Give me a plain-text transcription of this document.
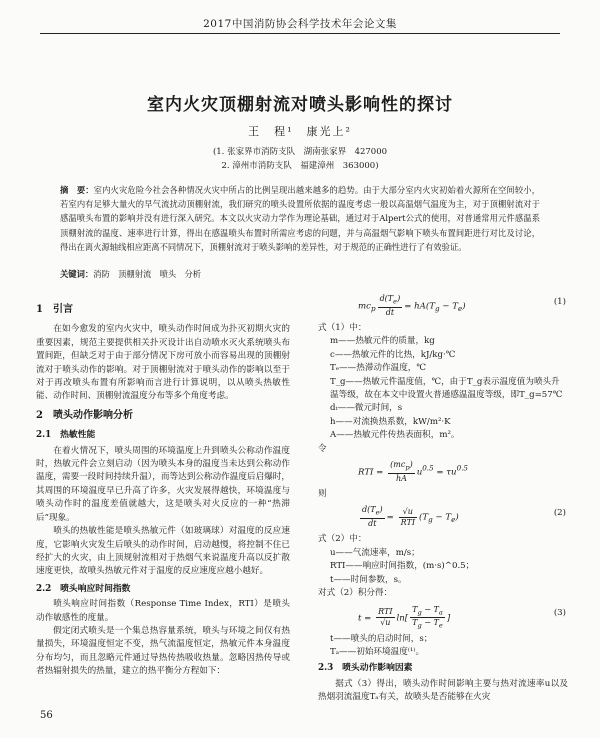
2017中国消防协会科学技术年会论文集
室内火灾顶棚射流对喷头影响性的探讨
王　程¹　康光上²
(1. 张家界市消防支队　湖南张家界　427000
2. 漳州市消防支队　福建漳州　363000)
摘　要：室内火灾危险今社会各种情况火灾中所占的比例呈现出越来越多的趋势。由于大部分室内火灾初始着火源所在空间较小，若室内有足够大量火的早气流扰动顶棚射流，我们研究的喷头设置所依据的温度考虑一般以高温烟气温度为主，对于顶棚射流对于感温喷头布置的影响并没有进行深入研究。本文以火灾动力学作为理论基础，通过对于Alpert公式的使用，对普通常用元件感温系顶棚射流的温度、速率进行计算，得出在感温喷头布置时所需应考虑的问题，并与高温烟气影响下喷头布置间距进行对比及讨论，得出在离火源轴线相应距离不同情况下，顶棚射流对于喷头影响的差异性，对于规范的正确性进行了有效验证。
关键词：消防　顶棚射流　喷头　分析
1　引言

在如今愈发的室内火灾中，喷头动作时间成为扑灭初期火灾的重要因素，规范主要提供相关扑灭设计出自动喷水灭火系统喷头布置间距，但缺乏对于由于部分情况下房可放小而容易出现的顶棚射流对于喷头动作的影响。对于顶棚射流对于喷头动作的影响以至于对于再改喷头布置有所影响而言进行计算说明，以从喷头热敏性能、动作时间、顶棚射流温度分布等多个角度考虑。

2　喷头动作影响分析
2.1　热敏性能

在着火情况下，喷头周围的环境温度上升到喷头公称动作温度时，热敏元件会立刻启动（因为喷头本身的温度当未达到公称动作温度，需要一段时间持续升温），而等达到公称动作温度后启爆时，其周围的环境温度早已升高了许多，火灾发展得越快，环境温度与喷头动作时的温度差值就越大，这是喷头对火反应的一种“热滞后”现象。

喷头的热敏性能是喷头热敏元件（如玻璃球）对温度的反应速度，它影响火灾发生后喷头的动作时间，启动越慢，将控制不住已经扩大的火灾，由上顶规射流相对于热烟气来说温度升高以反扩散速度更快，故喷头热敏元件对于温度的反应速度应越小越好。

2.2　喷头响应时间指数

喷头响应时间指数（Response Time Index，RTI）是喷头动作敏感性的度量。

假定闭式喷头是一个集总热容量系统，喷头与环境之间仅有热量损失，环境温度恒定不变，热气流温度恒定，热敏元件本身温度分布均匀，而且忽略元件通过导热传热吸收热量。忽略因热传导或者热辐射损失的热量，建立的热平衡分方程如下：

$mc_p \frac{d(T_e)}{dt} = hA(T_g - T_e)$	(1)
式（1）中：
m——热敏元件的质量，kg
c——热敏元件的比热，kJ/kg·℃
Tₑ——热滞动作温度，℃
T_g——热敏元件温度值，℃，由于T_g表示温度值为喷头升温等级，故在本文中设置火普通感温温度等级，即T_g=57℃
dₜ——微元时间，s
h——对流换热系数，kW/m²·K
A——热敏元件传热表面积，m²。
令
RTI = $\frac{(mc_p)}{hA} u^{0.5} = \tau u^{0.5}$
则
$\frac{d(T_e)}{dt} = \frac{√u}{\text{RTI}} (T_g - T_e)$	(2)
式（2）中：
u——气流速率，m/s；
RTI——响应时间指数，(m·s)^0.5；
t——时间参数，s。
对式（2）积分得：
$t = \frac{\text{RTI}}{√u} \ln[ \frac{T_g - T_a}{T_g - T_e}$ ]
(3)
t——喷头的启动时间，s；
Tₐ——初始环境温度⁽¹⁾。
2.3　喷头动作影响因素

据式（3）得出，喷头动作时间影响主要与热对流速率u以及热烟羽流温度Tₐ有关，故喷头是否能够在火灾

56
